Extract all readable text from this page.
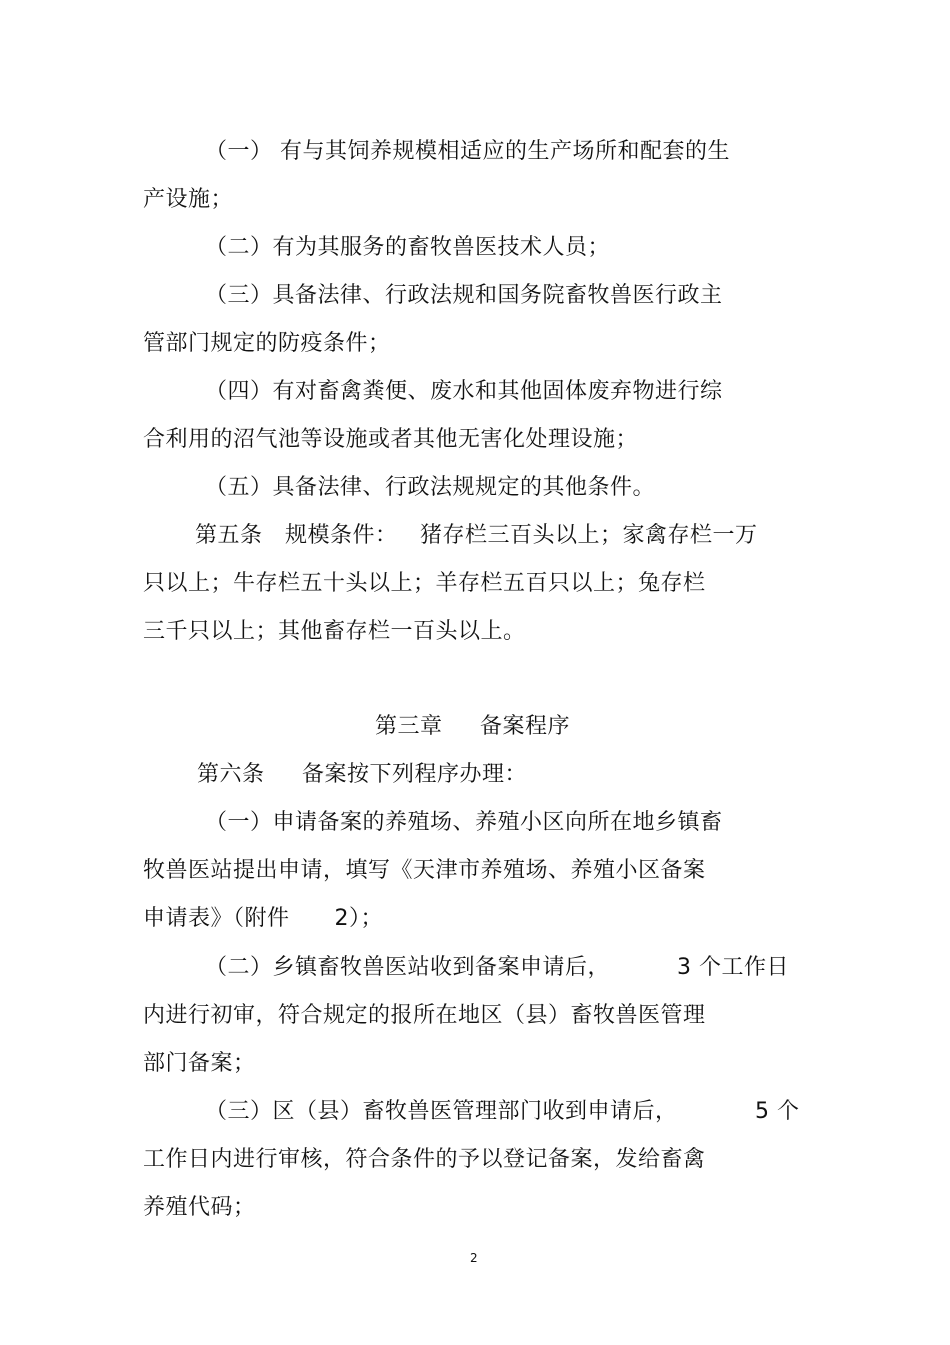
（一） 有与其饲养规模相适应的生产场所和配套的生
产设施；
（二）有为其服务的畜牧兽医技术人员；
（三）具备法律、行政法规和国务院畜牧兽医行政主
管部门规定的防疫条件；
（四）有对畜禽粪便、废水和其他固体废弃物进行综
合利用的沼气池等设施或者其他无害化处理设施；
（五）具备法律、行政法规规定的其他条件。
第五条   规模条件：   猪存栏三百头以上；家禽存栏一万
只以上；牛存栏五十头以上；羊存栏五百只以上；兔存栏
三千只以上；其他畜存栏一百头以上。
第三章     备案程序
第六条     备案按下列程序办理：
（一）申请备案的养殖场、养殖小区向所在地乡镇畜
牧兽医站提出申请，填写《天津市养殖场、养殖小区备案
申请表》（附件      2）；
（二）乡镇畜牧兽医站收到备案申请后，	3 个工作日
内进行初审，符合规定的报所在地区（县）畜牧兽医管理
部门备案；
（三）区（县）畜牧兽医管理部门收到申请后，	5 个
工作日内进行审核，符合条件的予以登记备案，发给畜禽
养殖代码；
2
